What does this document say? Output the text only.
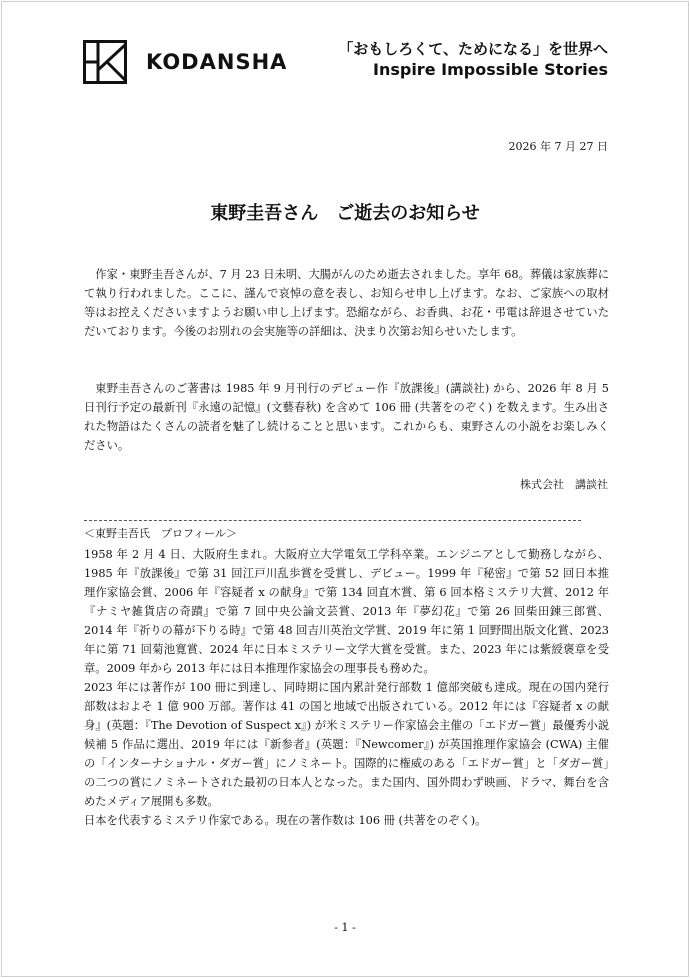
KODANSHA
「おもしろくて、ためになる」を世界へ
Inspire Impossible Stories
2026 年 7 月 27 日
東野圭吾さん　ご逝去のお知らせ
作家・東野圭吾さんが、7 月 23 日未明、大腸がんのため逝去されました。享年 68。葬儀は家族葬にて執り行われました。ここに、謹んで哀悼の意を表し、お知らせ申し上げます。なお、ご家族への取材等はお控えくださいますようお願い申し上げます。恐縮ながら、お香典、お花・弔電は辞退させていただいております。今後のお別れの会実施等の詳細は、決まり次第お知らせいたします。
東野圭吾さんのご著書は 1985 年 9 月刊行のデビュー作『放課後』(講談社) から、2026 年 8 月 5 日刊行予定の最新刊『永遠の記憶』(文藝春秋) を含めて 106 冊 (共著をのぞく) を数えます。生み出された物語はたくさんの読者を魅了し続けることと思います。これからも、東野さんの小説をお楽しみください。
株式会社　講談社
＜東野圭吾氏　プロフィール＞

1958 年 2 月 4 日、大阪府生まれ。大阪府立大学電気工学科卒業。エンジニアとして勤務しながら、1985 年『放課後』で第 31 回江戸川乱歩賞を受賞し、デビュー。1999 年『秘密』で第 52 回日本推理作家協会賞、2006 年『容疑者 x の献身』で第 134 回直木賞、第 6 回本格ミステリ大賞、2012 年『ナミヤ雑貨店の奇蹟』で第 7 回中央公論文芸賞、2013 年『夢幻花』で第 26 回柴田錬三郎賞、2014 年『祈りの幕が下りる時』で第 48 回吉川英治文学賞、2019 年に第 1 回野間出版文化賞、2023 年に第 71 回菊池寛賞、2024 年に日本ミステリー文学大賞を受賞。また、2023 年には紫綬褒章を受章。2009 年から 2013 年には日本推理作家協会の理事長も務めた。

2023 年には著作が 100 冊に到達し、同時期に国内累計発行部数 1 億部突破も達成。現在の国内発行部数はおよそ 1 億 900 万部。著作は 41 の国と地域で出版されている。2012 年には『容疑者 x の献身』(英題：『The Devotion of Suspect x』) が米ミステリー作家協会主催の「エドガー賞」最優秀小説候補 5 作品に選出、2019 年には『新参者』(英題：『Newcomer』) が英国推理作家協会 (CWA) 主催の「インターナショナル・ダガー賞」にノミネート。国際的に権威のある「エドガー賞」と「ダガー賞」の二つの賞にノミネートされた最初の日本人となった。また国内、国外問わず映画、ドラマ、舞台を含めたメディア展開も多数。

日本を代表するミステリ作家である。現在の著作数は 106 冊 (共著をのぞく)。

- 1 -
